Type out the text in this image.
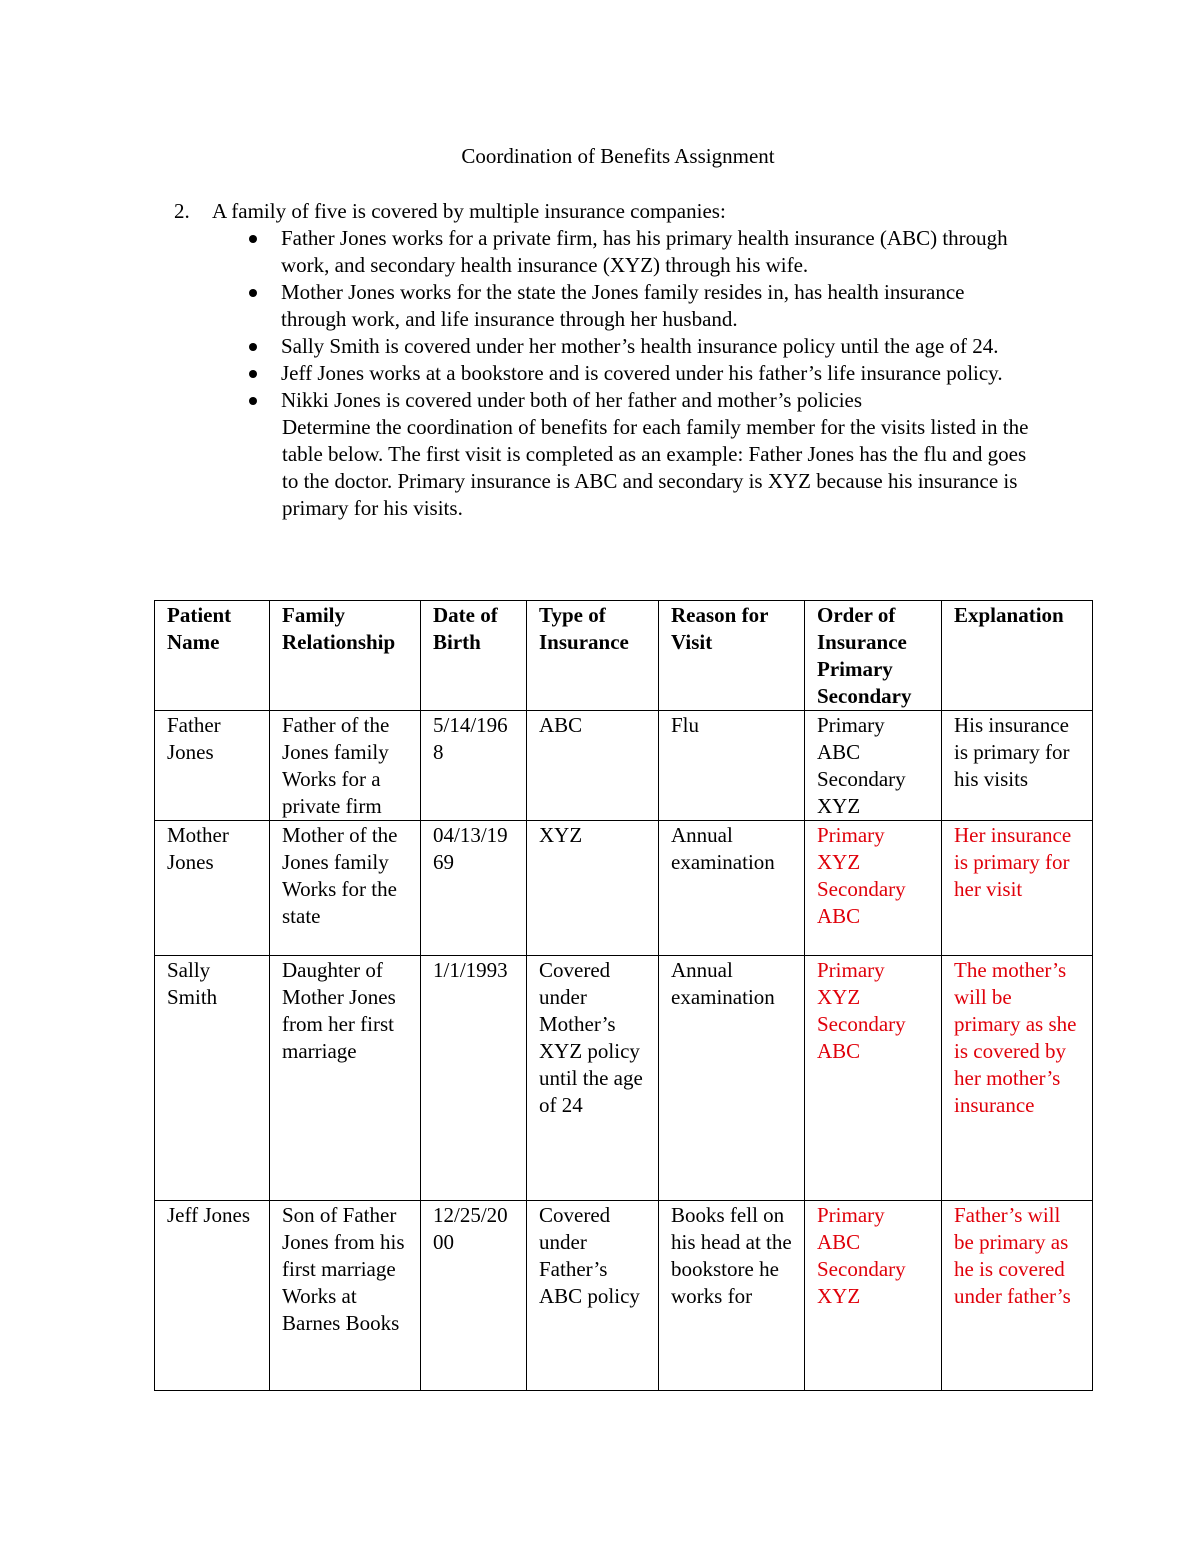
Coordination of Benefits Assignment
2.	A family of five is covered by multiple insurance companies:
Father Jones works for a private firm, has his primary health insurance (ABC) through work, and secondary health insurance (XYZ) through his wife.
Mother Jones works for the state the Jones family resides in, has health insurance through work, and life insurance through her husband.
Sally Smith is covered under her mother’s health insurance policy until the age of 24.
Jeff Jones works at a bookstore and is covered under his father’s life insurance policy.
Nikki Jones is covered under both of her father and mother’s policies
Determine the coordination of benefits for each family member for the visits listed in the table below. The first visit is completed as an example: Father Jones has the flu and goes to the doctor. Primary insurance is ABC and secondary is XYZ because his insurance is primary for his visits.
Patient Name	Family Relationship	Date of Birth	Type of Insurance	Reason for Visit	Order of Insurance Primary Secondary	Explanation
Father Jones	Father of the Jones family Works for a private firm	5/14/1968	ABC	Flu	Primary ABC Secondary XYZ	His insurance is primary for his visits
Mother Jones	Mother of the Jones family Works for the state	04/13/1969	XYZ	Annual examination	Primary XYZ Secondary ABC	Her insurance is primary for her visit
Sally Smith	Daughter of Mother Jones from her first marriage	1/1/1993	Covered under Mother’s XYZ policy until the age of 24	Annual examination	Primary XYZ Secondary ABC	The mother’s will be primary as she is covered by her mother’s insurance
Jeff Jones	Son of Father Jones from his first marriage Works at Barnes Books	12/25/2000	Covered under Father’s ABC policy	Books fell on his head at the bookstore he works for	Primary ABC Secondary XYZ	Father’s will be primary as he is covered under father’s
